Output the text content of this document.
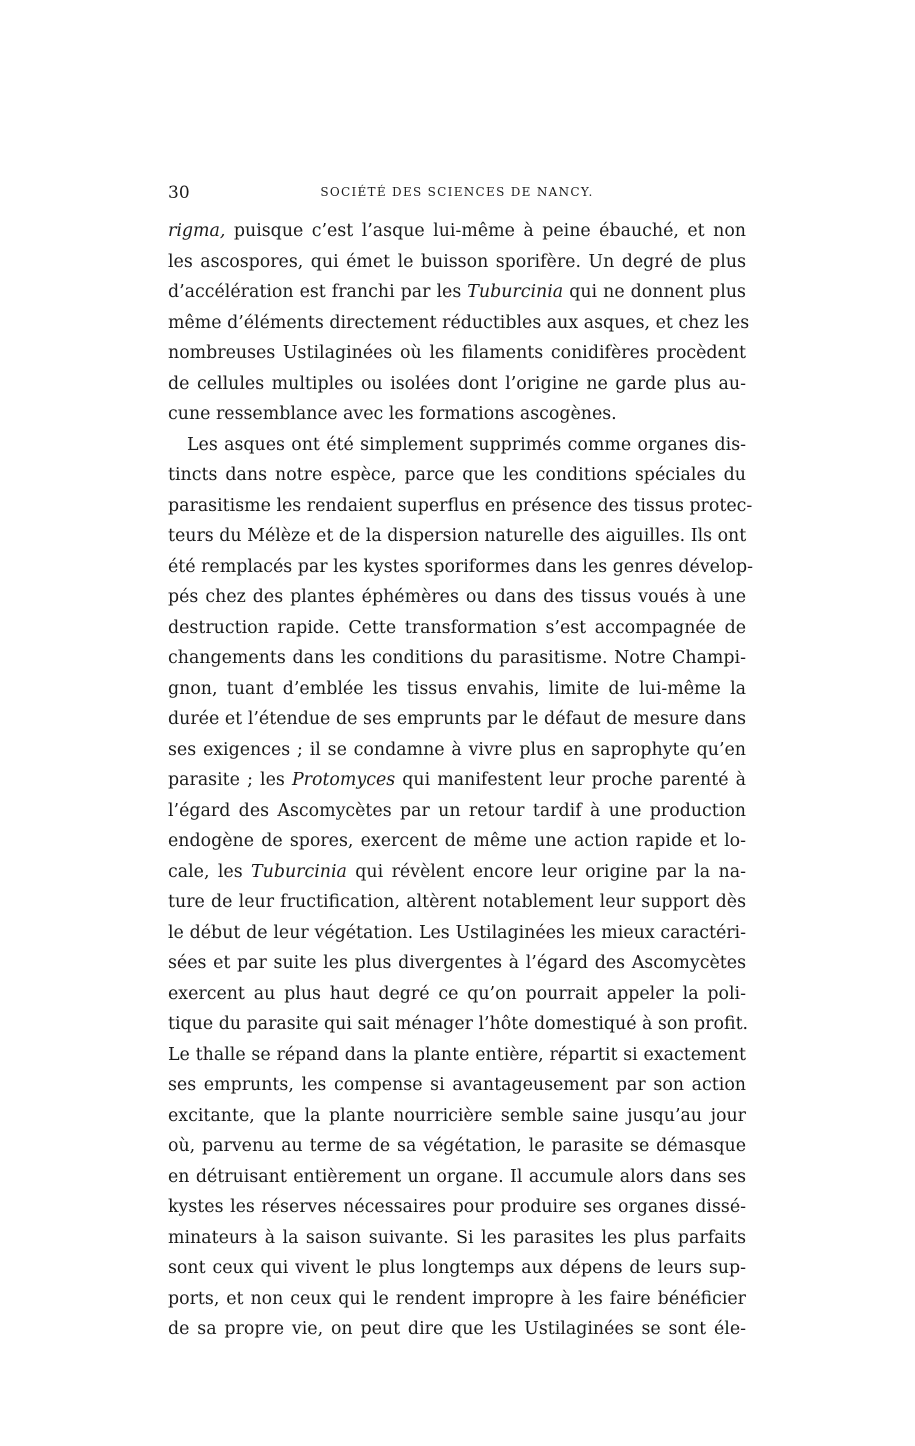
30	SOCIÉTÉ DES SCIENCES DE NANCY.
rigma, puisque c’est l’asque lui-même à peine ébauché, et non
les ascospores, qui émet le buisson sporifère. Un degré de plus
d’accélération est franchi par les Tuburcinia qui ne donnent plus
même d’éléments directement réductibles aux asques, et chez les
nombreuses Ustilaginées où les filaments conidifères procèdent
de cellules multiples ou isolées dont l’origine ne garde plus au-
cune ressemblance avec les formations ascogènes.
Les asques ont été simplement supprimés comme organes dis-
tincts dans notre espèce, parce que les conditions spéciales du
parasitisme les rendaient superflus en présence des tissus protec-
teurs du Mélèze et de la dispersion naturelle des aiguilles. Ils ont
été remplacés par les kystes sporiformes dans les genres dévelop-
pés chez des plantes éphémères ou dans des tissus voués à une
destruction rapide. Cette transformation s’est accompagnée de
changements dans les conditions du parasitisme. Notre Champi-
gnon, tuant d’emblée les tissus envahis, limite de lui-même la
durée et l’étendue de ses emprunts par le défaut de mesure dans
ses exigences ; il se condamne à vivre plus en saprophyte qu’en
parasite ; les Protomyces qui manifestent leur proche parenté à
l’égard des Ascomycètes par un retour tardif à une production
endogène de spores, exercent de même une action rapide et lo-
cale, les Tuburcinia qui révèlent encore leur origine par la na-
ture de leur fructification, altèrent notablement leur support dès
le début de leur végétation. Les Ustilaginées les mieux caractéri-
sées et par suite les plus divergentes à l’égard des Ascomycètes
exercent au plus haut degré ce qu’on pourrait appeler la poli-
tique du parasite qui sait ménager l’hôte domestiqué à son profit.
Le thalle se répand dans la plante entière, répartit si exactement
ses emprunts, les compense si avantageusement par son action
excitante, que la plante nourricière semble saine jusqu’au jour
où, parvenu au terme de sa végétation, le parasite se démasque
en détruisant entièrement un organe. Il accumule alors dans ses
kystes les réserves nécessaires pour produire ses organes dissé-
minateurs à la saison suivante. Si les parasites les plus parfaits
sont ceux qui vivent le plus longtemps aux dépens de leurs sup-
ports, et non ceux qui le rendent impropre à les faire bénéficier
de sa propre vie, on peut dire que les Ustilaginées se sont éle-
